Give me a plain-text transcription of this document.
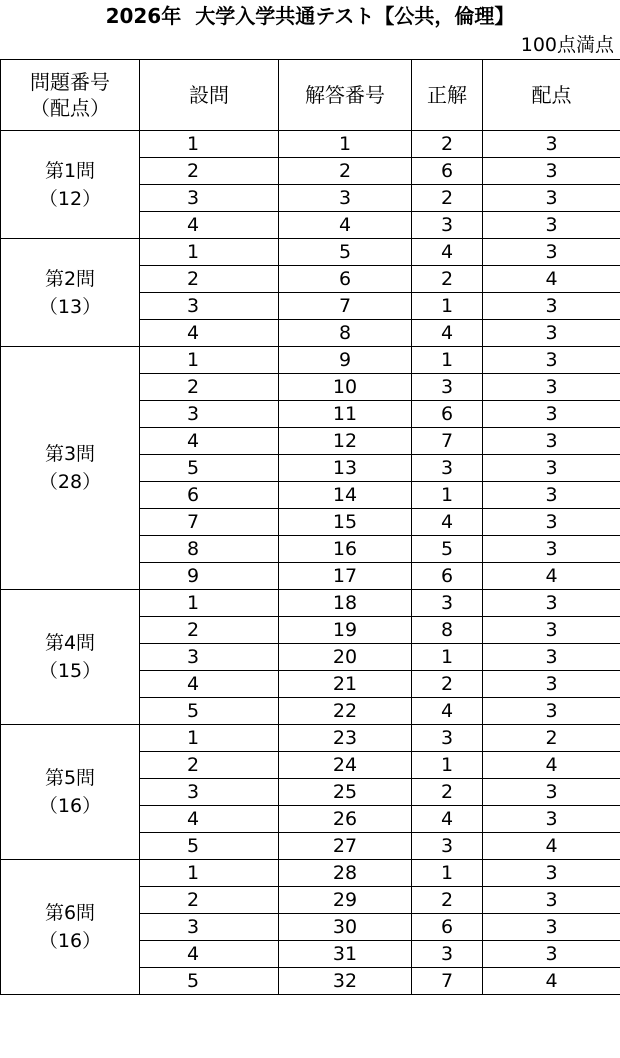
2026年 大学入学共通テスト【公共，倫理】
100点満点
問題番号
（配点）	設問	解答番号	正解	配点

第1問
（12）	1	1	2	3
	2	2	6	3
	3	3	2	3
	4	4	3	3

第2問
（13）	1	5	4	3
	2	6	2	4
	3	7	1	3
	4	8	4	3

第3問
（28）	1	9	1	3
	2	10	3	3
	3	11	6	3
	4	12	7	3
	5	13	3	3
	6	14	1	3
	7	15	4	3
	8	16	5	3
	9	17	6	4

第4問
（15）	1	18	3	3
	2	19	8	3
	3	20	1	3
	4	21	2	3
	5	22	4	3

第5問
（16）	1	23	3	2
	2	24	1	4
	3	25	2	3
	4	26	4	3
	5	27	3	4

第6問
（16）	1	28	1	3
	2	29	2	3
	3	30	6	3
	4	31	3	3
	5	32	7	4
